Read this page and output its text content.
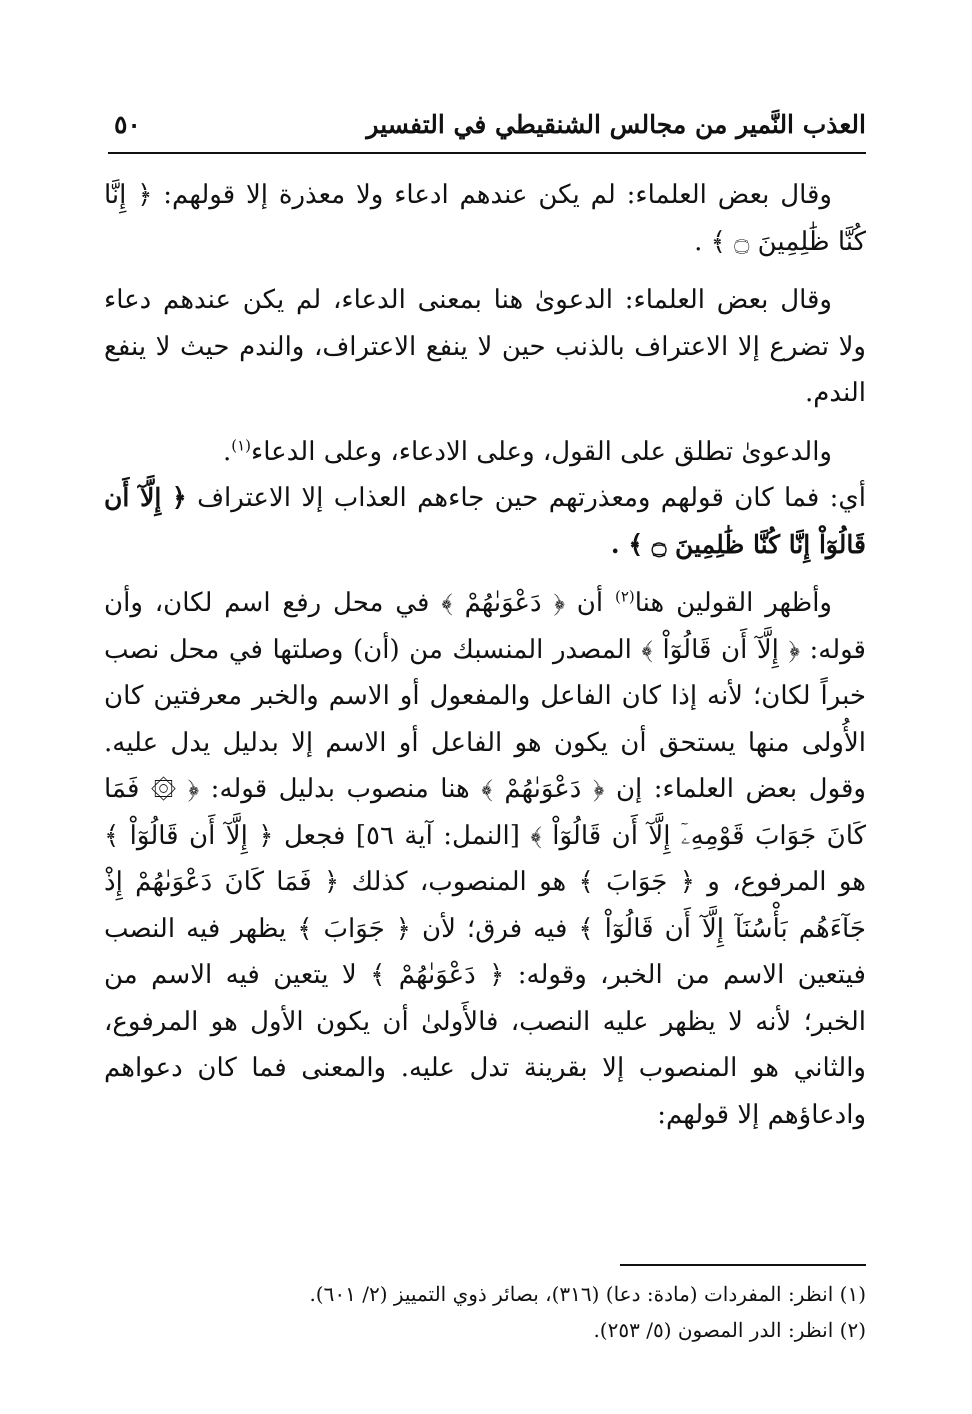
العذب النَّمير من مجالس الشنقيطي في التفسير
٥٠

وقال بعض العلماء: لم يكن عندهم ادعاء ولا معذرة إلا قولهم: ﴿ إِنَّا كُنَّا ظَٰلِمِينَ ۝ ﴾ .

وقال بعض العلماء: الدعوىٰ هنا بمعنى الدعاء، لم يكن عندهم دعاء ولا تضرع إلا الاعتراف بالذنب حين لا ينفع الاعتراف، والندم حيث لا ينفع الندم.

والدعوىٰ تطلق على القول، وعلى الادعاء، وعلى الدعاء$^{(١)}$.
أي: فما كان قولهم ومعذرتهم حين جاءهم العذاب إلا الاعتراف ﴿ إِلَّآ أَن قَالُوٓاْ إِنَّا كُنَّا ظَٰلِمِينَ ۝ ﴾ .

وأظهر القولين هنا$^{(٢)}$ أن ﴿ دَعْوَىٰهُمْ ﴾ في محل رفع اسم لكان، وأن قوله: ﴿ إِلَّآ أَن قَالُوٓاْ ﴾ المصدر المنسبك من (أن) وصلتها في محل نصب خبراً لكان؛ لأنه إذا كان الفاعل والمفعول أو الاسم والخبر معرفتين كان الأُولى منها يستحق أن يكون هو الفاعل أو الاسم إلا بدليل يدل عليه. وقول بعض العلماء: إن ﴿ دَعْوَىٰهُمْ ﴾ هنا منصوب بدليل قوله: ﴿ ۞ فَمَا كَانَ جَوَابَ قَوْمِهِۦٓ إِلَّآ أَن قَالُوٓاْ ﴾ [النمل: آية ٥٦] فجعل ﴿ إِلَّآ أَن قَالُوٓاْ ﴾ هو المرفوع، و ﴿ جَوَابَ ﴾ هو المنصوب، كذلك ﴿ فَمَا كَانَ دَعْوَىٰهُمْ إِذْ جَآءَهُم بَأْسُنَآ إِلَّآ أَن قَالُوٓاْ ﴾ فيه فرق؛ لأن ﴿ جَوَابَ ﴾ يظهر فيه النصب فيتعين الاسم من الخبر، وقوله: ﴿ دَعْوَىٰهُمْ ﴾ لا يتعين فيه الاسم من الخبر؛ لأنه لا يظهر عليه النصب، فالأَولىٰ أن يكون الأول هو المرفوع، والثاني هو المنصوب إلا بقرينة تدل عليه. والمعنى فما كان دعواهم وادعاؤهم إلا قولهم:

(١) انظر: المفردات (مادة: دعا) (٣١٦)، بصائر ذوي التمييز (٢/ ٦٠١).

(٢) انظر: الدر المصون (٥/ ٢٥٣).
